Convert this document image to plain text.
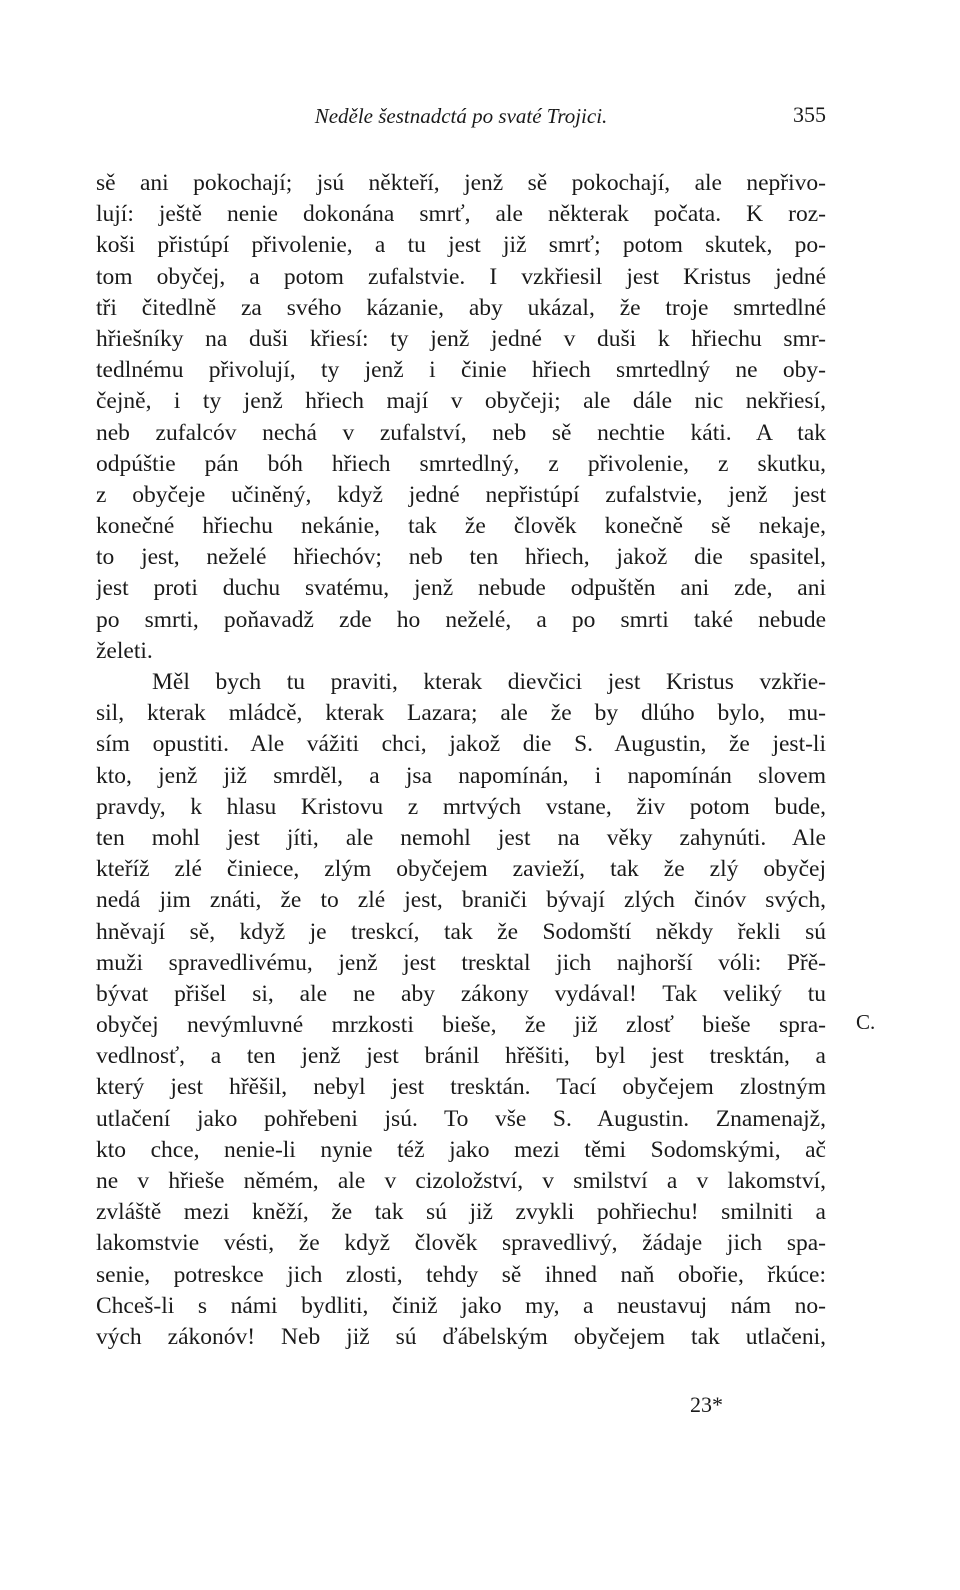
Neděle šestnadctá po svaté Trojici.	355
sě ani pokochají; jsú někteří, jenž sě pokochají, ale nepřivo-
lují: ještě nenie dokonána smrť, ale některak počata. K roz-
koši přistúpí přivolenie, a tu jest již smrť; potom skutek, po-
tom obyčej, a potom zufalstvie. I vzkřiesil jest Kristus jedné
tři čitedlně za svého kázanie, aby ukázal, že troje smrtedlné
hřiešníky na duši křiesí: ty jenž jedné v duši k hřiechu smr-
tedlnému přivolují, ty jenž i činie hřiech smrtedlný ne oby-
čejně, i ty jenž hřiech mají v obyčeji; ale dále nic nekřiesí,
neb zufalcóv nechá v zufalství, neb sě nechtie káti. A tak
odpúštie pán bóh hřiech smrtedlný, z přivolenie, z skutku,
z obyčeje učiněný, když jedné nepřistúpí zufalstvie, jenž jest
konečné hřiechu nekánie, tak že člověk konečně sě nekaje,
to jest, neželé hřiechóv; neb ten hřiech, jakož die spasitel,
jest proti duchu svatému, jenž nebude odpuštěn ani zde, ani
po smrti, poňavadž zde ho neželé, a po smrti také nebude
želeti.
Měl bych tu praviti, kterak dievčici jest Kristus vzkřie-
sil, kterak mládcě, kterak Lazara; ale že by dlúho bylo, mu-
sím opustiti. Ale vážiti chci, jakož die S. Augustin, že jest-li
kto, jenž již smrděl, a jsa napomínán, i napomínán slovem
pravdy, k hlasu Kristovu z mrtvých vstane, živ potom bude,
ten mohl jest jíti, ale nemohl jest na věky zahynúti. Ale
kteříž zlé činiece, zlým obyčejem zavieží, tak že zlý obyčej
nedá jim znáti, že to zlé jest, braniči bývají zlých činóv svých,
hněvají sě, když je treskcí, tak že Sodomští někdy řekli sú
muži spravedlivému, jenž jest tresktal jich najhorší vóli: Přě-
bývat přišel si, ale ne aby zákony vydával! Tak veliký tu
obyčej nevýmluvné mrzkosti bieše, že již zlosť bieše spra-
vedlnosť, a ten jenž jest bránil hřěšiti, byl jest tresktán, a
který jest hřěšil, nebyl jest tresktán. Tací obyčejem zlostným
utlačení jako pohřebeni jsú. To vše S. Augustin. Znamenajž,
kto chce, nenie-li nynie též jako mezi těmi Sodomskými, ač
ne v hřieše němém, ale v cizoložství, v smilství a v lakomství,
zvláště mezi kněží, že tak sú již zvykli pohřiechu! smilniti a
lakomstvie vésti, že když člověk spravedlivý, žádaje jich spa-
senie, potreskce jich zlosti, tehdy sě ihned naň obořie, řkúce:
Chceš-li s námi bydliti, činiž jako my, a neustavuj nám no-
vých zákonóv! Neb již sú ďábelským obyčejem tak utlačeni,
C.
23*
